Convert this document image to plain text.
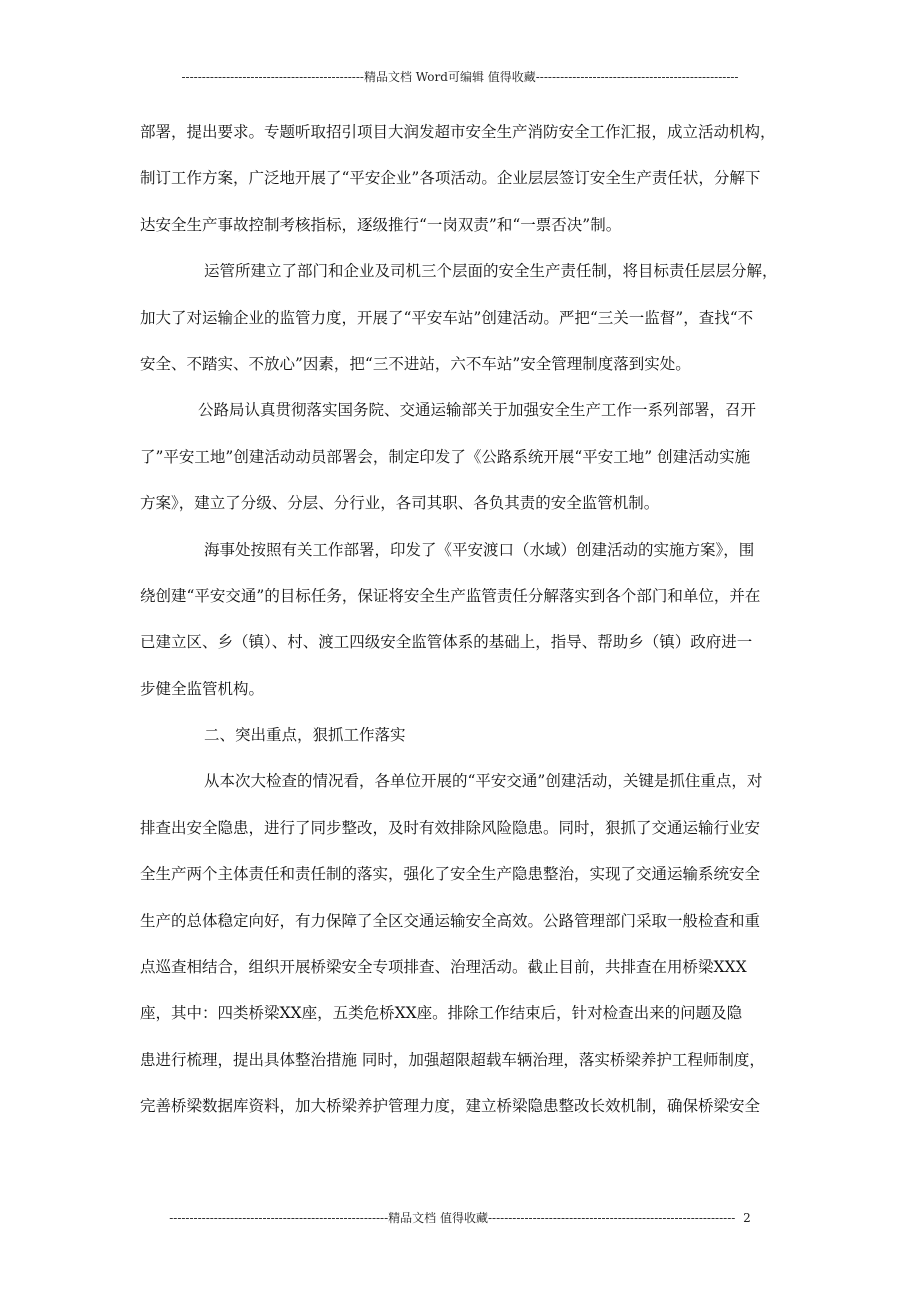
---------------------------------------------精品文档 Word可编辑 值得收藏--------------------------------------------------
部署，提出要求。专题听取招引项目大润发超市安全生产消防安全工作汇报，成立活动机构，
制订工作方案，广泛地开展了“平安企业”各项活动。企业层层签订安全生产责任状，分解下
达安全生产事故控制考核指标，逐级推行“一岗双责”和“一票否决”制。
运管所建立了部门和企业及司机三个层面的安全生产责任制，将目标责任层层分解，
加大了对运输企业的监管力度，开展了“平安车站”创建活动。严把“三关一监督”，查找“不
安全、不踏实、不放心”因素，把“三不进站，六不车站”安全管理制度落到实处。
公路局认真贯彻落实国务院、交通运输部关于加强安全生产工作一系列部署，召开
了”平安工地”创建活动动员部署会，制定印发了《公路系统开展“平安工地” 创建活动实施
方案》，建立了分级、分层、分行业，各司其职、各负其责的安全监管机制。
海事处按照有关工作部署，印发了《平安渡口（水域）创建活动的实施方案》，围
绕创建“平安交通”的目标任务，保证将安全生产监管责任分解落实到各个部门和单位，并在
已建立区、乡（镇）、村、渡工四级安全监管体系的基础上，指导、帮助乡（镇）政府进一
步健全监管机构。
二、突出重点，狠抓工作落实
从本次大检查的情况看，各单位开展的“平安交通”创建活动，关键是抓住重点，对
排查出安全隐患，进行了同步整改，及时有效排除风险隐患。同时，狠抓了交通运输行业安
全生产两个主体责任和责任制的落实，强化了安全生产隐患整治，实现了交通运输系统安全
生产的总体稳定向好，有力保障了全区交通运输安全高效。公路管理部门采取一般检查和重
点巡查相结合，组织开展桥梁安全专项排查、治理活动。截止目前，共排查在用桥梁XXX
座，其中：四类桥梁XX座，五类危桥XX座。排除工作结束后，针对检查出来的问题及隐
患进行梳理，提出具体整治措施 同时，加强超限超载车辆治理，落实桥梁养护工程师制度，
完善桥梁数据库资料，加大桥梁养护管理力度，建立桥梁隐患整改长效机制，确保桥梁安全
------------------------------------------------------精品文档 值得收藏------------------------------------------------------------- 2
